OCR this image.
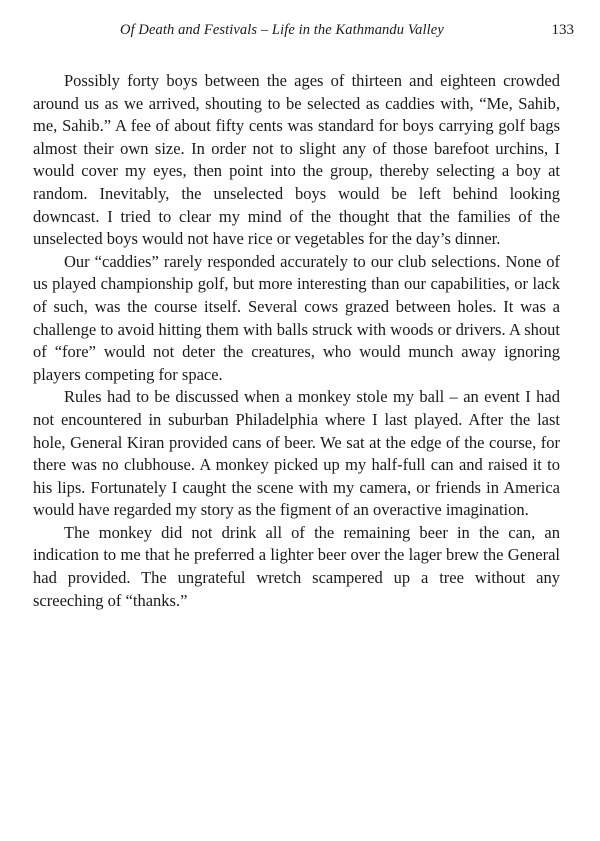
Of Death and Festivals – Life in the Kathmandu Valley	133

Possibly forty boys between the ages of thirteen and eighteen crowded around us as we arrived, shouting to be selected as caddies with, “Me, Sahib, me, Sahib.” A fee of about fifty cents was standard for boys carrying golf bags almost their own size. In order not to slight any of those barefoot urchins, I would cover my eyes, then point into the group, thereby selecting a boy at random. Inevitably, the unselected boys would be left behind looking downcast. I tried to clear my mind of the thought that the families of the unselected boys would not have rice or vegetables for the day’s dinner.

Our “caddies” rarely responded accurately to our club selections. None of us played championship golf, but more interesting than our capabilities, or lack of such, was the course itself. Several cows grazed between holes. It was a challenge to avoid hitting them with balls struck with woods or drivers. A shout of “fore” would not deter the creatures, who would munch away ignoring players competing for space.

Rules had to be discussed when a monkey stole my ball – an event I had not encountered in suburban Philadelphia where I last played. After the last hole, General Kiran provided cans of beer. We sat at the edge of the course, for there was no clubhouse. A monkey picked up my half-full can and raised it to his lips. Fortunately I caught the scene with my camera, or friends in America would have regarded my story as the figment of an overactive imagination.

The monkey did not drink all of the remaining beer in the can, an indication to me that he preferred a lighter beer over the lager brew the General had provided. The ungrateful wretch scampered up a tree without any screeching of “thanks.”
